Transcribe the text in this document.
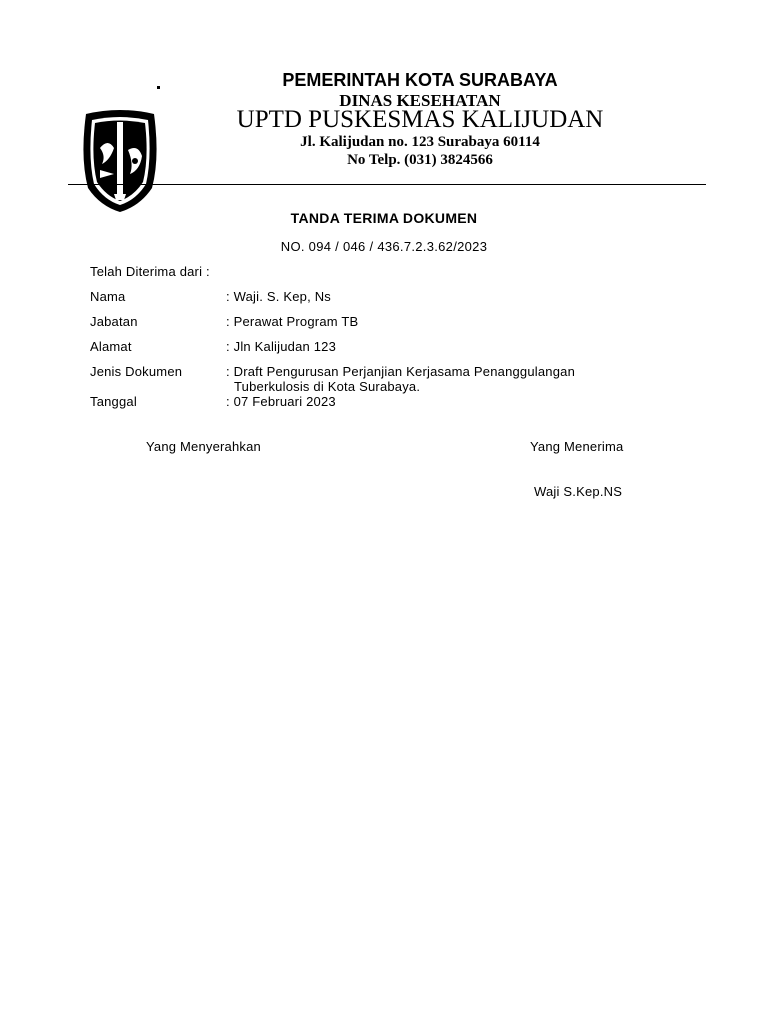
PEMERINTAH KOTA SURABAYA
DINAS KESEHATAN
UPTD PUSKESMAS KALIJUDAN
Jl. Kalijudan no. 123 Surabaya 60114
No Telp. (031) 3824566
TANDA TERIMA DOKUMEN
NO. 094 / 046 / 436.7.2.3.62/2023
Telah Diterima dari :
Nama	: Waji. S. Kep, Ns
Jabatan	: Perawat Program TB
Alamat	: Jln Kalijudan 123
Jenis Dokumen	: Draft Pengurusan Perjanjian Kerjasama Penanggulangan
Tuberkulosis di Kota Surabaya.
Tanggal	: 07 Februari 2023
Yang Menyerahkan	Yang Menerima
Waji S.Kep.NS
